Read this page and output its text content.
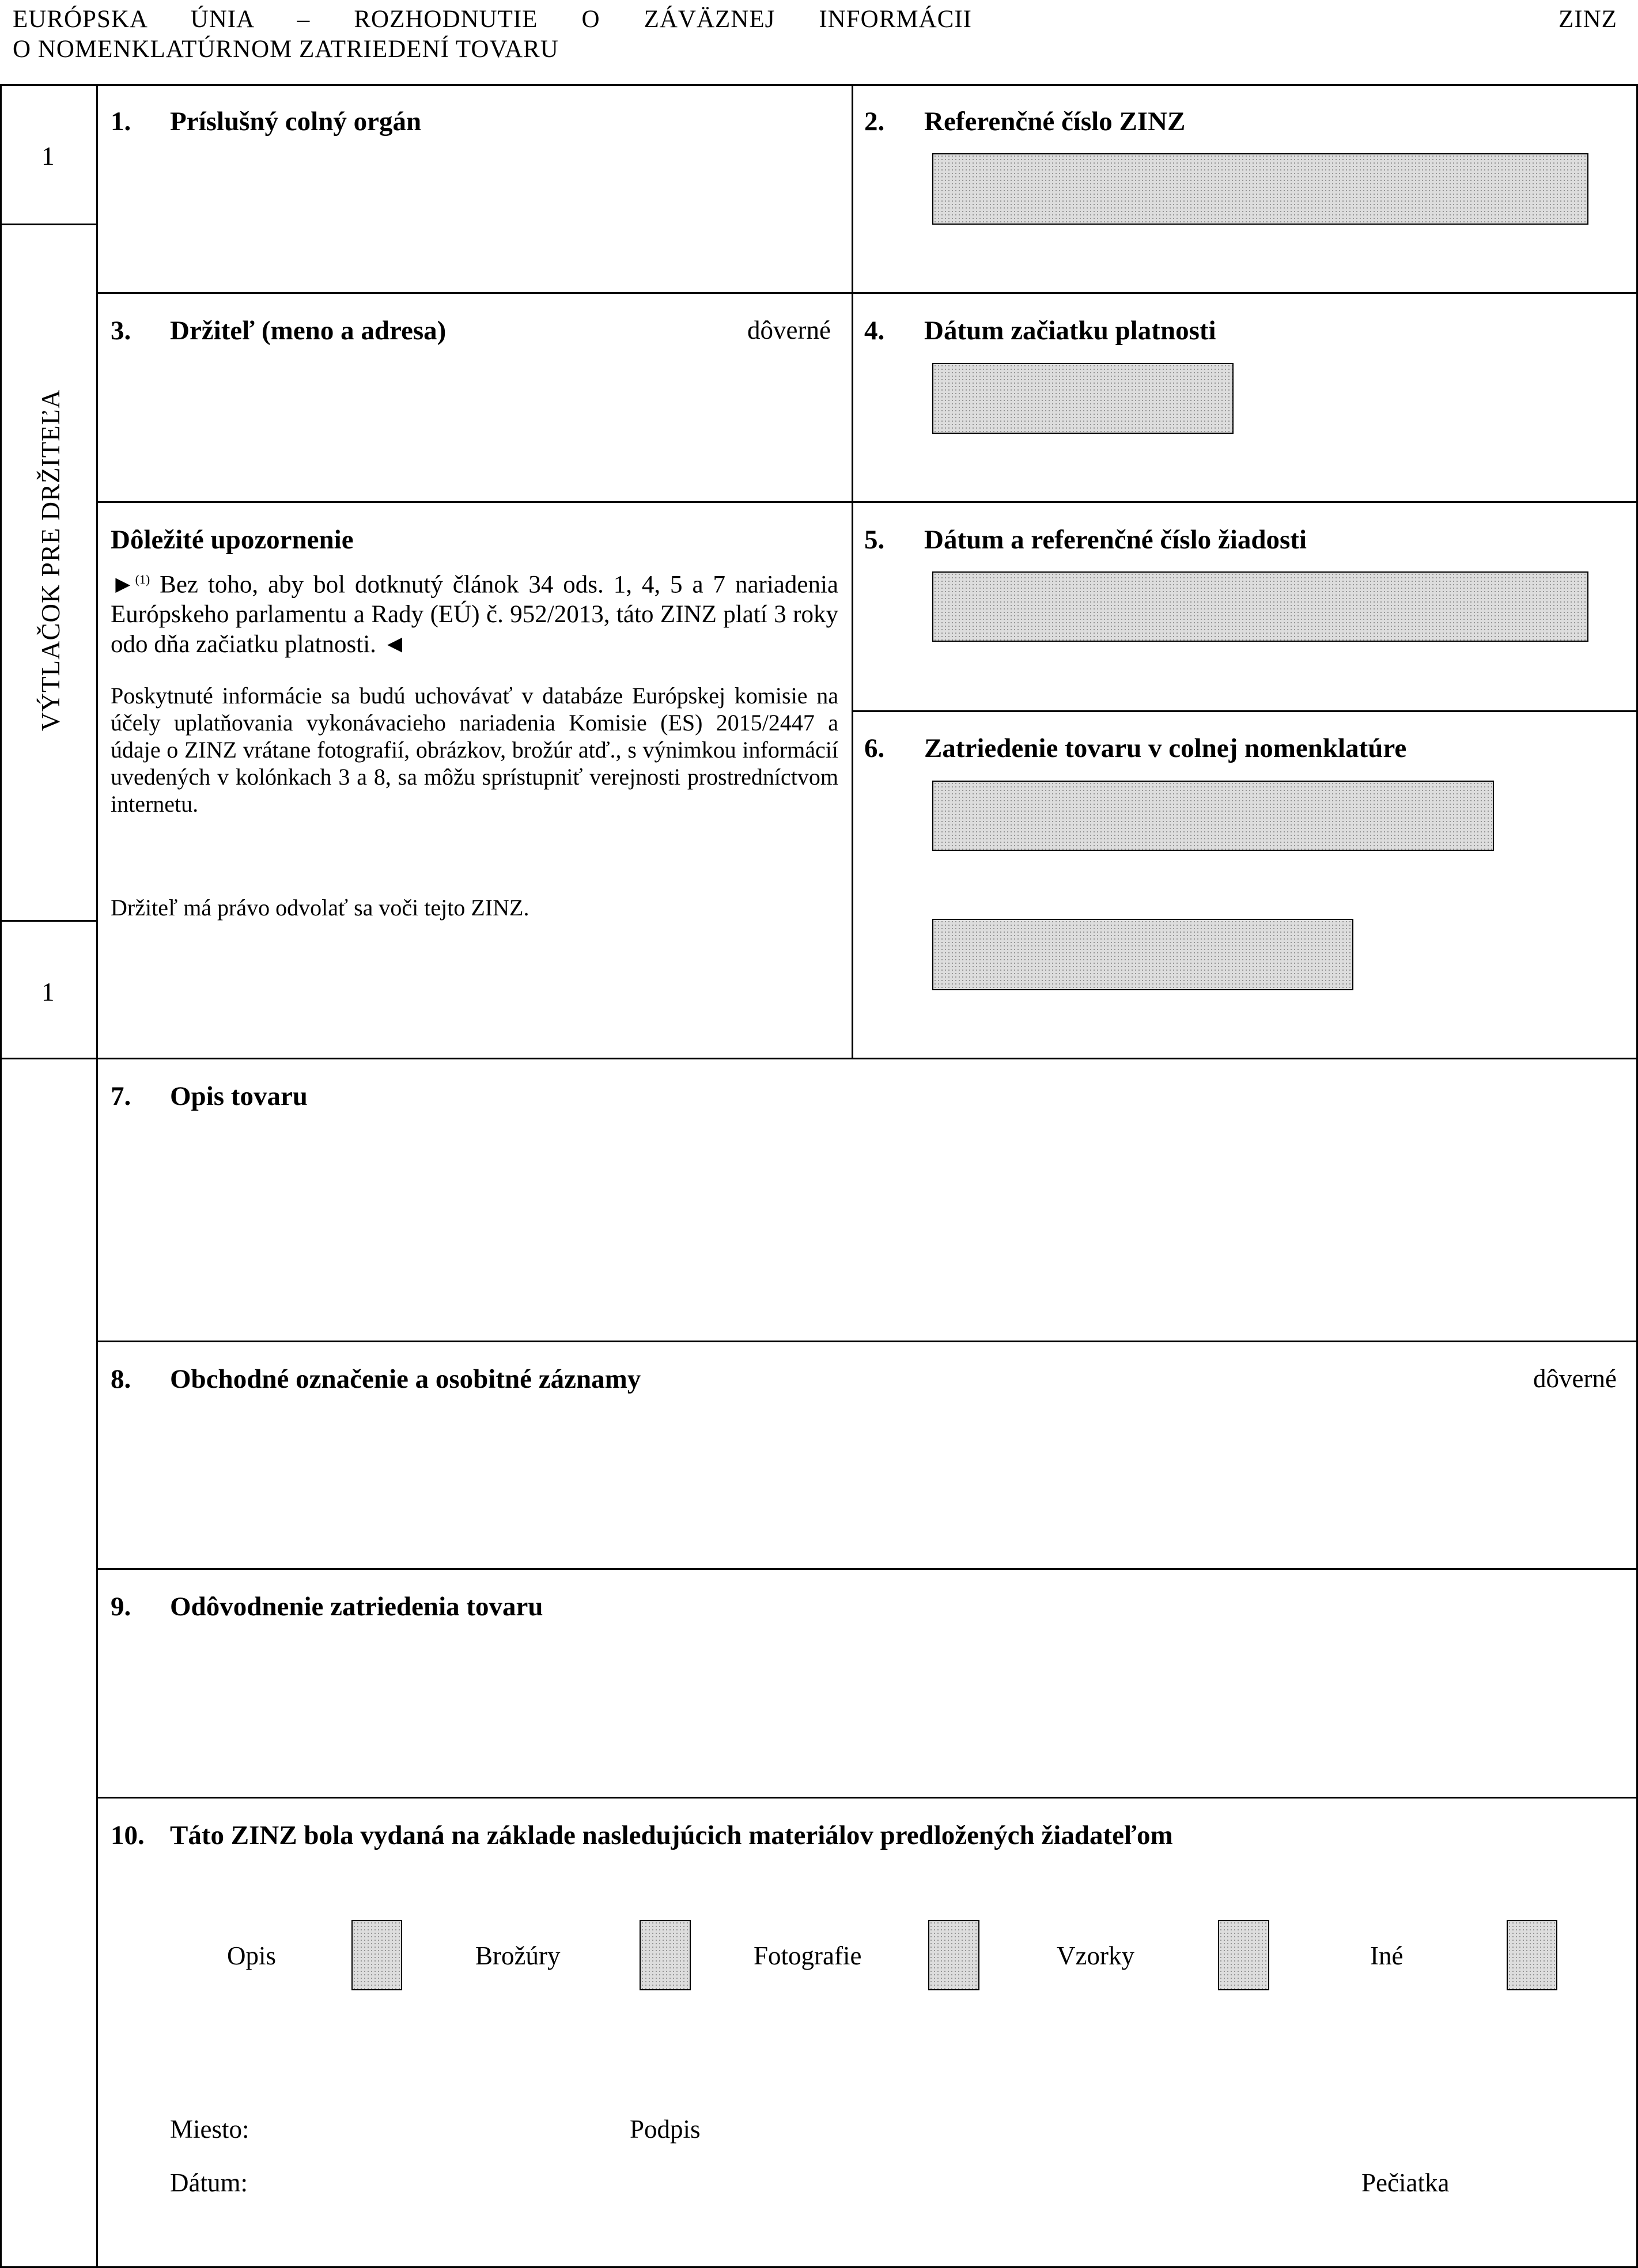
EURÓPSKA ÚNIA – ROZHODNUTIE O ZÁVÄZNEJ INFORMÁCII
O NOMENKLATÚRNOM ZATRIEDENÍ TOVARU
ZINZ
1
VÝTLAČOK PRE DRŽITEĽA
1
1. Príslušný colný orgán	2. Referenčné číslo ZINZ
3. Držiteľ (meno a adresa)	dôverné 4. Dátum začiatku platnosti
Dôležité upozornenie
►$^{(1)}$ Bez toho, aby bol dotknutý článok 34 ods. 1, 4, 5 a 7 nariadenia Európskeho parlamentu a Rady (EÚ) č. 952/2013, táto ZINZ platí 3 roky odo dňa začiatku platnosti. ◄
Poskytnuté informácie sa budú uchovávať v databáze Európskej komisie na účely uplatňovania vykonávacieho nariadenia Komisie (ES) 2015/2447 a údaje o ZINZ vrátane fotografií, obrázkov, brožúr atď., s výnimkou informácií uvedených v kolónkach 3 a 8, sa môžu sprístupniť verejnosti prostredníctvom internetu.
Držiteľ má právo odvolať sa voči tejto ZINZ.
5. Dátum a referenčné číslo žiadosti
6. Zatriedenie tovaru v colnej nomenklatúre
7. Opis tovaru
8. Obchodné označenie a osobitné záznamy	dôverné
9. Odôvodnenie zatriedenia tovaru
10. Táto ZINZ bola vydaná na základe nasledujúcich materiálov predložených žiadateľom
Opis	Brožúry	Fotografie	Vzorky	Iné
Miesto:	Podpis
Dátum:	Pečiatka
